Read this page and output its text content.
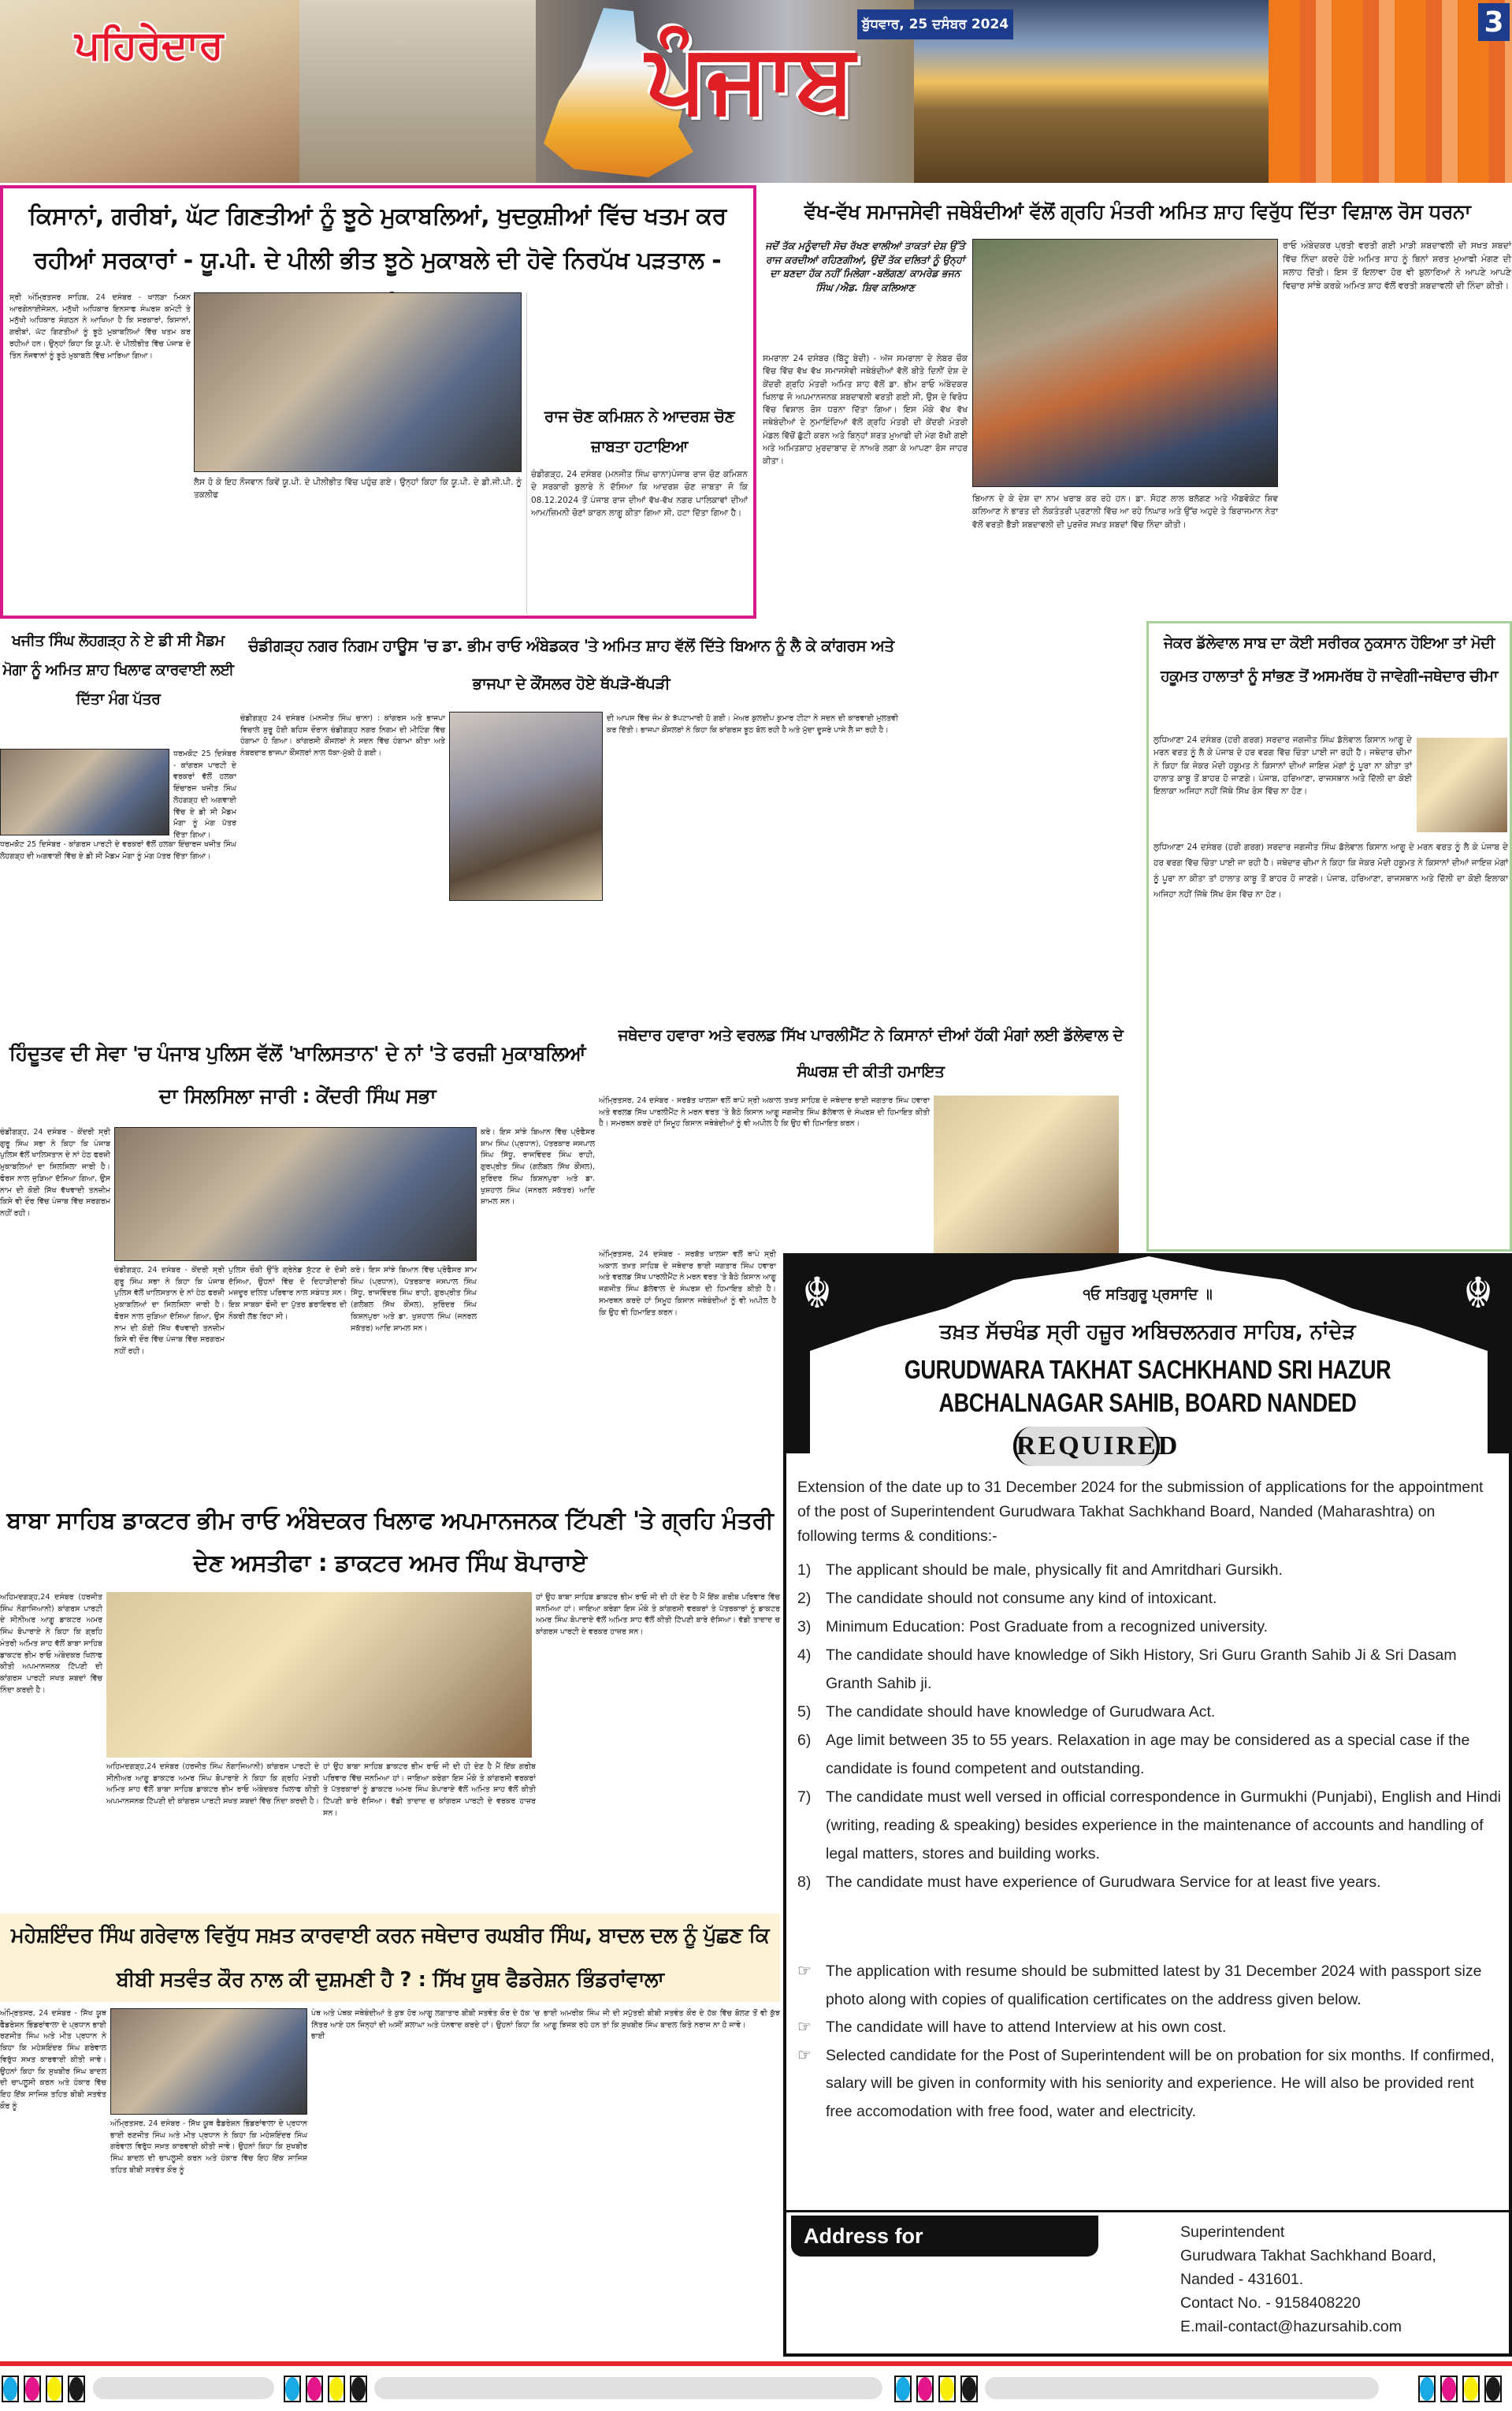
ਪਹਿਰੇਦਾਰ	ਪੰਜਾਬ ਬੁੱਧਵਾਰ, 25 ਦਸੰਬਰ 2024	3
ਕਿਸਾਨਾਂ, ਗਰੀਬਾਂ, ਘੱਟ ਗਿਣਤੀਆਂ ਨੂੰ ਝੂਠੇ ਮੁਕਾਬਲਿਆਂ, ਖੁਦਕੁਸ਼ੀਆਂ ਵਿੱਚ ਖਤਮ ਕਰ ਰਹੀਆਂ ਸਰਕਾਰਾਂ - ਯੂ.ਪੀ. ਦੇ ਪੀਲੀ ਭੀਤ ਝੂਠੇ ਮੁਕਾਬਲੇ ਦੀ ਹੋਵੇ ਨਿਰਪੱਖ ਪੜਤਾਲ -
ਸ੍ਰੀ ਅੰਮ੍ਰਿਤਸਰ ਸਾਹਿਬ, 24 ਦਸੰਬਰ - ਖਾਲੜਾ ਮਿਸ਼ਨ ਆਰਗੇਨਾਈਜੇਸ਼ਨ, ਮਨੁੱਖੀ ਅਧਿਕਾਰ ਇਨਸਾਫ ਸੰਘਰਸ਼ ਕਮੇਟੀ ਤੇ ਮਨੁੱਖੀ ਅਧਿਕਾਰ ਸੰਗਠਨ ਨੇ ਆਖਿਆ ਹੈ ਕਿ ਸਰਕਾਰਾਂ, ਕਿਸਾਨਾਂ, ਗਰੀਬਾਂ, ਘੱਟ ਗਿਣਤੀਆਂ ਨੂੰ ਝੂਠੇ ਮੁਕਾਬਲਿਆਂ ਵਿੱਚ ਖਤਮ ਕਰ ਰਹੀਆਂ ਹਨ। ਉਨ੍ਹਾਂ ਕਿਹਾ ਕਿ ਯੂ.ਪੀ. ਦੇ ਪੀਲੀਭੀਤ ਵਿੱਚ ਪੰਜਾਬ ਦੇ ਤਿੰਨ ਨੌਜਵਾਨਾਂ ਨੂੰ ਝੂਠੇ ਮੁਕਾਬਲੇ ਵਿੱਚ ਮਾਰਿਆ ਗਿਆ।
ਲੈਸ ਹੋ ਕੇ ਇਹ ਨੌਜਵਾਨ ਕਿਵੇਂ ਯੂ.ਪੀ. ਦੇ ਪੀਲੀਭੀਤ ਵਿੱਚ ਪਹੁੰਚ ਗਏ। ਉਨ੍ਹਾਂ ਕਿਹਾ ਕਿ ਯੂ.ਪੀ. ਦੇ ਡੀ.ਜੀ.ਪੀ. ਨੂੰ ਤਕਲੀਫ
ਰਾਜ ਚੋਣ ਕਮਿਸ਼ਨ ਨੇ ਆਦਰਸ਼ ਚੋਣ ਜ਼ਾਬਤਾ ਹਟਾਇਆ
ਚੰਡੀਗੜ੍ਹ, 24 ਦਸੰਬਰ (ਮਨਜੀਤ ਸਿੰਘ ਚਾਨਾ)ਪੰਜਾਬ ਰਾਜ ਚੋਣ ਕਮਿਸ਼ਨ ਦੇ ਸਰਕਾਰੀ ਬੁਲਾਰੇ ਨੇ ਦੱਸਿਆ ਕਿ ਆਦਰਸ਼ ਚੋਣ ਜ਼ਾਬਤਾ ਜੋ ਕਿ 08.12.2024 ਤੋਂ ਪੰਜਾਬ ਰਾਜ ਦੀਆਂ ਵੱਖ-ਵੱਖ ਨਗਰ ਪਾਲਿਕਾਵਾਂ ਦੀਆਂ ਆਮ/ਜ਼ਿਮਨੀ ਚੋਣਾਂ ਕਾਰਨ ਲਾਗੂ ਕੀਤਾ ਗਿਆ ਸੀ, ਹਟਾ ਦਿੱਤਾ ਗਿਆ ਹੈ।
ਵੱਖ-ਵੱਖ ਸਮਾਜਸੇਵੀ ਜਥੇਬੰਦੀਆਂ ਵੱਲੋਂ ਗ੍ਰਹਿ ਮੰਤਰੀ ਅਮਿਤ ਸ਼ਾਹ ਵਿਰੁੱਧ ਦਿੱਤਾ ਵਿਸ਼ਾਲ ਰੋਸ ਧਰਨਾ
ਜਦੋਂ ਤੱਕ ਮਨੂੰਵਾਦੀ ਸੋਚ ਰੱਖਣ ਵਾਲੀਆਂ ਤਾਕਤਾਂ ਦੇਸ਼ ਉੱਤੇ ਰਾਜ ਕਰਦੀਆਂ ਰਹਿਣਗੀਆਂ, ਉਦੋਂ ਤੱਕ ਦਲਿਤਾਂ ਨੂੰ ਉਨ੍ਹਾਂ ਦਾ ਬਣਦਾ ਹੱਕ ਨਹੀਂ ਮਿਲੇਗਾ -ਬਲੱਗਣ/ ਕਾਮਰੇਡ ਭਜਨ ਸਿੰਘ /ਐਡ. ਸ਼ਿਵ ਕਲਿਆਣ
ਸਮਰਾਲਾ 24 ਦਸੰਬਰ (ਬਿੱਟੂ ਬੇਦੀ) - ਅੱਜ ਸਮਰਾਲਾ ਦੇ ਲੇਬਰ ਚੌਕ ਵਿੱਚ ਵਿੱਚ ਵੱਖ ਵੱਖ ਸਮਾਜਸੇਵੀ ਜਥੇਬੰਦੀਆਂ ਵੱਲੋਂ ਬੀਤੇ ਦਿਨੀਂ ਦੇਸ਼ ਦੇ ਕੇਂਦਰੀ ਗ੍ਰਹਿ ਮੰਤਰੀ ਅਮਿਤ ਸ਼ਾਹ ਵੱਲੋਂ ਡਾ. ਭੀਮ ਰਾਓ ਅੰਬੇਦਕਰ ਖਿਲਾਫ ਜੋ ਅਪਮਾਨਜਨਕ ਸ਼ਬਦਾਵਲੀ ਵਰਤੀ ਗਈ ਸੀ, ਉਸ ਦੇ ਵਿਰੋਧ ਵਿੱਚ ਵਿਸ਼ਾਲ ਰੋਸ ਧਰਨਾ ਦਿੱਤਾ ਗਿਆ। ਇਸ ਮੌਕੇ ਵੱਖ ਵੱਖ ਜਥੇਬੰਦੀਆਂ ਦੇ ਨੁਮਾਇੰਦਿਆਂ ਵੱਲੋਂ ਗ੍ਰਹਿ ਮੰਤਰੀ ਦੀ ਕੇਂਦਰੀ ਮੰਤਰੀ ਮੰਡਲ ਵਿੱਚੋਂ ਛੁੱਟੀ ਕਰਨ ਅਤੇ ਬਿਨ੍ਹਾਂ ਸ਼ਰਤ ਮੁਆਫੀ ਦੀ ਮੰਗ ਰੱਖੀ ਗਈ ਅਤੇ ਅਮਿਤਸ਼ਾਹ ਮੁਰਦਾਬਾਦ ਦੇ ਨਾਅਰੇ ਲਗਾ ਕੇ ਆਪਣਾ ਰੋਸ ਜਾਹਰ ਕੀਤਾ।
ਬਿਆਨ ਦੇ ਕੇ ਦੇਸ਼ ਦਾ ਨਾਮ ਖਰਾਬ ਕਰ ਰਹੇ ਹਨ। ਡਾ. ਸੋਹਣ ਲਾਲ ਬਲੱਗਣ ਅਤੇ ਐਡਵੋਕੇਟ ਸ਼ਿਵ ਕਲਿਆਣ ਨੇ ਭਾਰਤ ਦੀ ਲੋਕਤੰਤਰੀ ਪ੍ਰਣਾਲੀ ਵਿੱਚ ਆ ਰਹੇ ਨਿਘਾਰ ਅਤੇ ਉੱਚ ਅਹੁਦੇ ਤੇ ਬਿਰਾਜਮਾਨ ਨੇਤਾ ਵੱਲੋਂ ਵਰਤੀ ਭੈੜੀ ਸ਼ਬਦਾਵਲੀ ਦੀ ਪੁਰਜ਼ੋਰ ਸਖਤ ਸ਼ਬਦਾਂ ਵਿੱਚ ਨਿੰਦਾ ਕੀਤੀ।
ਰਾਓ ਅੰਬੇਦਕਰ ਪ੍ਰਤੀ ਵਰਤੀ ਗਈ ਮਾੜੀ ਸ਼ਬਦਾਵਲੀ ਦੀ ਸਖਤ ਸ਼ਬਦਾਂ ਵਿੱਚ ਨਿੰਦਾ ਕਰਦੇ ਹੋਏ ਅਮਿਤ ਸ਼ਾਹ ਨੂੰ ਬਿਨਾਂ ਸ਼ਰਤ ਮੁਆਫੀ ਮੰਗਣ ਦੀ ਸਲਾਹ ਦਿੱਤੀ। ਇਸ ਤੋਂ ਇਲਾਵਾ ਹੋਰ ਵੀ ਬੁਲਾਰਿਆਂ ਨੇ ਆਪਣੇ ਆਪਣੇ ਵਿਚਾਰ ਸਾਂਝੇ ਕਰਕੇ ਅਮਿਤ ਸ਼ਾਹ ਵੱਲੋਂ ਵਰਤੀ ਸ਼ਬਦਾਵਲੀ ਦੀ ਨਿੰਦਾ ਕੀਤੀ।
ਖਜੀਤ ਸਿੰਘ ਲੋਹਗੜ੍ਹ ਨੇ ਏ ਡੀ ਸੀ ਮੈਡਮ ਮੋਗਾ ਨੂੰ ਅਮਿਤ ਸ਼ਾਹ ਖਿਲਾਫ ਕਾਰਵਾਈ ਲਈ ਦਿੱਤਾ ਮੰਗ ਪੱਤਰ
ਧਰਮਕੋਟ 25 ਦਿਸੰਬਰ - ਕਾਂਗਰਸ ਪਾਰਟੀ ਦੇ ਵਰਕਰਾਂ ਵੱਲੋਂ ਹਲਕਾ ਇੰਚਾਰਜ ਖਜੀਤ ਸਿੰਘ ਲੋਹਗੜ੍ਹ ਦੀ ਅਗਵਾਈ ਵਿੱਚ ਏ ਡੀ ਸੀ ਮੈਡਮ ਮੋਗਾ ਨੂੰ ਮੰਗ ਪੱਤਰ ਦਿੱਤਾ ਗਿਆ।
ਧਰਮਕੋਟ 25 ਦਿਸੰਬਰ - ਕਾਂਗਰਸ ਪਾਰਟੀ ਦੇ ਵਰਕਰਾਂ ਵੱਲੋਂ ਹਲਕਾ ਇੰਚਾਰਜ ਖਜੀਤ ਸਿੰਘ ਲੋਹਗੜ੍ਹ ਦੀ ਅਗਵਾਈ ਵਿੱਚ ਏ ਡੀ ਸੀ ਮੈਡਮ ਮੋਗਾ ਨੂੰ ਮੰਗ ਪੱਤਰ ਦਿੱਤਾ ਗਿਆ।
ਚੰਡੀਗੜ੍ਹ ਨਗਰ ਨਿਗਮ ਹਾਊਸ 'ਚ ਡਾ. ਭੀਮ ਰਾਓ ਅੰਬੇਡਕਰ 'ਤੇ ਅਮਿਤ ਸ਼ਾਹ ਵੱਲੋਂ ਦਿੱਤੇ ਬਿਆਨ ਨੂੰ ਲੈ ਕੇ ਕਾਂਗਰਸ ਅਤੇ ਭਾਜਪਾ ਦੇ ਕੌਂਸਲਰ ਹੋਏ ਥੱਪੜੋ-ਥੱਪੜੀ
ਚੰਡੀਗੜ੍ਹ 24 ਦਸੰਬਰ (ਮਨਜੀਤ ਸਿੰਘ ਚਾਨਾ) : ਕਾਂਗਰਸ ਅਤੇ ਭਾਜਪਾ ਵਿਚਾਲੇ ਸ਼ੁਰੂ ਹੋਈ ਬਹਿਸ ਦੌਰਾਨ ਚੰਡੀਗੜ੍ਹ ਨਗਰ ਨਿਗਮ ਦੀ ਮੀਟਿੰਗ ਵਿੱਚ ਹੰਗਾਮਾ ਹੋ ਗਿਆ। ਕਾਂਗਰਸੀ ਕੌਂਸਲਰਾਂ ਨੇ ਸਦਨ ਵਿੱਚ ਹੰਗਾਮਾ ਕੀਤਾ ਅਤੇ ਨੰਬਰਦਾਰ ਭਾਜਪਾ ਕੌਂਸਲਰਾਂ ਨਾਲ ਧੱਕਾ-ਮੁੱਕੀ ਹੋ ਗਈ।
ਦੀ ਆਪਸ ਵਿੱਚ ਜੰਮ ਕੇ ਝੱਪਟਾਮਾਰੀ ਹੋ ਗਈ। ਮੇਅਰ ਕੁਲਦੀਪ ਕੁਮਾਰ ਟੀਟਾ ਨੇ ਸਦਨ ਦੀ ਕਾਰਵਾਈ ਮੁਲਤਵੀ ਕਰ ਦਿੱਤੀ। ਭਾਜਪਾ ਕੌਂਸਲਰਾਂ ਨੇ ਕਿਹਾ ਕਿ ਕਾਂਗਰਸ ਝੂਠ ਬੋਲ ਰਹੀ ਹੈ ਅਤੇ ਮੁੱਦਾ ਦੂਸਰੇ ਪਾਸੇ ਲੈ ਜਾ ਰਹੀ ਹੈ।
ਜੇਕਰ ਡੱਲੇਵਾਲ ਸਾਬ ਦਾ ਕੋਈ ਸਰੀਰਕ ਨੁਕਸਾਨ ਹੋਇਆ ਤਾਂ ਮੋਦੀ ਹਕੂਮਤ ਹਾਲਾਤਾਂ ਨੂੰ ਸਾਂਭਣ ਤੋਂ ਅਸਮਰੱਥ ਹੋ ਜਾਵੇਗੀ-ਜਥੇਦਾਰ ਚੀਮਾ
ਲੁਧਿਆਣਾ 24 ਦਸੰਬਰ (ਹਰੀ ਗਰਗ) ਸਰਦਾਰ ਜਗਜੀਤ ਸਿੰਘ ਡੱਲੇਵਾਲ ਕਿਸਾਨ ਆਗੂ ਦੇ ਮਰਨ ਵਰਤ ਨੂੰ ਲੈ ਕੇ ਪੰਜਾਬ ਦੇ ਹਰ ਵਰਗ ਵਿੱਚ ਚਿੰਤਾ ਪਾਈ ਜਾ ਰਹੀ ਹੈ। ਜਥੇਦਾਰ ਚੀਮਾ ਨੇ ਕਿਹਾ ਕਿ ਜੇਕਰ ਮੋਦੀ ਹਕੂਮਤ ਨੇ ਕਿਸਾਨਾਂ ਦੀਆਂ ਜਾਇਜ਼ ਮੰਗਾਂ ਨੂੰ ਪੂਰਾ ਨਾ ਕੀਤਾ ਤਾਂ ਹਾਲਾਤ ਕਾਬੂ ਤੋਂ ਬਾਹਰ ਹੋ ਜਾਣਗੇ। ਪੰਜਾਬ, ਹਰਿਆਣਾ, ਰਾਜਸਥਾਨ ਅਤੇ ਦਿੱਲੀ ਦਾ ਕੋਈ ਇਲਾਕਾ ਅਜਿਹਾ ਨਹੀਂ ਜਿੱਥੇ ਸਿੱਖ ਰੋਸ ਵਿੱਚ ਨਾ ਹੋਣ।
ਲੁਧਿਆਣਾ 24 ਦਸੰਬਰ (ਹਰੀ ਗਰਗ) ਸਰਦਾਰ ਜਗਜੀਤ ਸਿੰਘ ਡੱਲੇਵਾਲ ਕਿਸਾਨ ਆਗੂ ਦੇ ਮਰਨ ਵਰਤ ਨੂੰ ਲੈ ਕੇ ਪੰਜਾਬ ਦੇ ਹਰ ਵਰਗ ਵਿੱਚ ਚਿੰਤਾ ਪਾਈ ਜਾ ਰਹੀ ਹੈ। ਜਥੇਦਾਰ ਚੀਮਾ ਨੇ ਕਿਹਾ ਕਿ ਜੇਕਰ ਮੋਦੀ ਹਕੂਮਤ ਨੇ ਕਿਸਾਨਾਂ ਦੀਆਂ ਜਾਇਜ਼ ਮੰਗਾਂ ਨੂੰ ਪੂਰਾ ਨਾ ਕੀਤਾ ਤਾਂ ਹਾਲਾਤ ਕਾਬੂ ਤੋਂ ਬਾਹਰ ਹੋ ਜਾਣਗੇ। ਪੰਜਾਬ, ਹਰਿਆਣਾ, ਰਾਜਸਥਾਨ ਅਤੇ ਦਿੱਲੀ ਦਾ ਕੋਈ ਇਲਾਕਾ ਅਜਿਹਾ ਨਹੀਂ ਜਿੱਥੇ ਸਿੱਖ ਰੋਸ ਵਿੱਚ ਨਾ ਹੋਣ।
ਹਿੰਦੂਤਵ ਦੀ ਸੇਵਾ 'ਚ ਪੰਜਾਬ ਪੁਲਿਸ ਵੱਲੋਂ 'ਖਾਲਿਸਤਾਨ' ਦੇ ਨਾਂ 'ਤੇ ਫਰਜ਼ੀ ਮੁਕਾਬਲਿਆਂ ਦਾ ਸਿਲਸਿਲਾ ਜਾਰੀ : ਕੇਂਦਰੀ ਸਿੰਘ ਸਭਾ
ਚੰਡੀਗੜ੍ਹ, 24 ਦਸੰਬਰ - ਕੇਂਦਰੀ ਸ੍ਰੀ ਗੁਰੂ ਸਿੰਘ ਸਭਾ ਨੇ ਕਿਹਾ ਕਿ ਪੰਜਾਬ ਪੁਲਿਸ ਵੱਲੋਂ ਖਾਲਿਸਤਾਨ ਦੇ ਨਾਂ ਹੇਠ ਫਰਜ਼ੀ ਮੁਕਾਬਲਿਆਂ ਦਾ ਸਿਲਸਿਲਾ ਜਾਰੀ ਹੈ। ਫੋਰਸ ਨਾਲ ਜੁੜਿਆ ਦੱਸਿਆ ਗਿਆ, ਉਸ ਨਾਮ ਦੀ ਕੋਈ ਸਿੱਖ ਵੱਖਵਾਦੀ ਤਨਜ਼ੀਮ ਕਿਸੇ ਵੀ ਦੌਰ ਵਿੱਚ ਪੰਜਾਬ ਵਿੱਚ ਸਰਗਰਮ ਨਹੀਂ ਰਹੀ।
ਕਰੇ। ਇਸ ਸਾਂਝੇ ਬਿਆਨ ਵਿੱਚ ਪ੍ਰੋਫੈਸਰ ਸ਼ਾਮ ਸਿੰਘ (ਪ੍ਰਧਾਨ), ਪੱਤਰਕਾਰ ਜਸਪਾਲ ਸਿੰਘ ਸਿੱਧੂ, ਰਾਜਵਿੰਦਰ ਸਿੰਘ ਰਾਹੀ, ਗੁਰਪ੍ਰੀਤ ਸਿੰਘ (ਗਲੋਬਲ ਸਿੱਖ ਕੌਂਸਲ), ਸੁਰਿੰਦਰ ਸਿੰਘ ਕਿਸ਼ਨਪੁਰਾ ਅਤੇ ਡਾ. ਖੁਸ਼ਹਾਲ ਸਿੰਘ (ਜਨਰਲ ਸਕੱਤਰ) ਆਦਿ ਸ਼ਾਮਲ ਸਨ।
ਚੰਡੀਗੜ੍ਹ, 24 ਦਸੰਬਰ - ਕੇਂਦਰੀ ਸ੍ਰੀ ਗੁਰੂ ਸਿੰਘ ਸਭਾ ਨੇ ਕਿਹਾ ਕਿ ਪੰਜਾਬ ਪੁਲਿਸ ਵੱਲੋਂ ਖਾਲਿਸਤਾਨ ਦੇ ਨਾਂ ਹੇਠ ਫਰਜ਼ੀ ਮੁਕਾਬਲਿਆਂ ਦਾ ਸਿਲਸਿਲਾ ਜਾਰੀ ਹੈ। ਫੋਰਸ ਨਾਲ ਜੁੜਿਆ ਦੱਸਿਆ ਗਿਆ, ਉਸ ਨਾਮ ਦੀ ਕੋਈ ਸਿੱਖ ਵੱਖਵਾਦੀ ਤਨਜ਼ੀਮ ਕਿਸੇ ਵੀ ਦੌਰ ਵਿੱਚ ਪੰਜਾਬ ਵਿੱਚ ਸਰਗਰਮ ਨਹੀਂ ਰਹੀ।
ਪੁਲਿਸ ਚੌਕੀ ਉੱਤੇ ਗ੍ਰੇਨੇਡ ਸੁੱਟਣ ਦੇ ਦੋਸ਼ੀ ਦੱਸਿਆ, ਉਹਨਾਂ ਵਿੱਚ ਦੋ ਦਿਹਾੜੀਦਾਰੀ ਮਜ਼ਦੂਰ ਦਲਿਤ ਪਰਿਵਾਰ ਨਾਲ ਸਬੰਧਤ ਸਨ। ਇਕ ਸਾਬਕਾ ਫੌਜੀ ਦਾ ਪੁੱਤਰ ਡਰਾਇਵਰ ਦੀ ਨੌਕਰੀ ਲੱਭ ਰਿਹਾ ਸੀ।
ਕਰੇ। ਇਸ ਸਾਂਝੇ ਬਿਆਨ ਵਿੱਚ ਪ੍ਰੋਫੈਸਰ ਸ਼ਾਮ ਸਿੰਘ (ਪ੍ਰਧਾਨ), ਪੱਤਰਕਾਰ ਜਸਪਾਲ ਸਿੰਘ ਸਿੱਧੂ, ਰਾਜਵਿੰਦਰ ਸਿੰਘ ਰਾਹੀ, ਗੁਰਪ੍ਰੀਤ ਸਿੰਘ (ਗਲੋਬਲ ਸਿੱਖ ਕੌਂਸਲ), ਸੁਰਿੰਦਰ ਸਿੰਘ ਕਿਸ਼ਨਪੁਰਾ ਅਤੇ ਡਾ. ਖੁਸ਼ਹਾਲ ਸਿੰਘ (ਜਨਰਲ ਸਕੱਤਰ) ਆਦਿ ਸ਼ਾਮਲ ਸਨ।
ਜਥੇਦਾਰ ਹਵਾਰਾ ਅਤੇ ਵਰਲਡ ਸਿੱਖ ਪਾਰਲੀਮੈਂਟ ਨੇ ਕਿਸਾਨਾਂ ਦੀਆਂ ਹੱਕੀ ਮੰਗਾਂ ਲਈ ਡੱਲੇਵਾਲ ਦੇ ਸੰਘਰਸ਼ ਦੀ ਕੀਤੀ ਹਮਾਇਤ
ਅੰਮ੍ਰਿਤਸਰ, 24 ਦਸੰਬਰ - ਸਰਬੱਤ ਖਾਲਸਾ ਵਲੋਂ ਥਾਪੇ ਸ੍ਰੀ ਅਕਾਲ ਤਖ਼ਤ ਸਾਹਿਬ ਦੇ ਜਥੇਦਾਰ ਭਾਈ ਜਗਤਾਰ ਸਿੰਘ ਹਵਾਰਾ ਅਤੇ ਵਰਲਡ ਸਿੱਖ ਪਾਰਲੀਮੈਂਟ ਨੇ ਮਰਨ ਵਰਤ 'ਤੇ ਬੈਠੇ ਕਿਸਾਨ ਆਗੂ ਜਗਜੀਤ ਸਿੰਘ ਡੱਲੇਵਾਲ ਦੇ ਸੰਘਰਸ਼ ਦੀ ਹਿਮਾਇਤ ਕੀਤੀ ਹੈ। ਸਮਰਥਨ ਕਰਦੇ ਹਾਂ ਸਿਮੂਹ ਕਿਸਾਨ ਜਥੇਬੰਦੀਆਂ ਨੂੰ ਵੀ ਅਪੀਲ ਹੈ ਕਿ ਉਹ ਵੀ ਹਿਮਾਇਤ ਕਰਨ।
ਅੰਮ੍ਰਿਤਸਰ, 24 ਦਸੰਬਰ - ਸਰਬੱਤ ਖਾਲਸਾ ਵਲੋਂ ਥਾਪੇ ਸ੍ਰੀ ਅਕਾਲ ਤਖ਼ਤ ਸਾਹਿਬ ਦੇ ਜਥੇਦਾਰ ਭਾਈ ਜਗਤਾਰ ਸਿੰਘ ਹਵਾਰਾ ਅਤੇ ਵਰਲਡ ਸਿੱਖ ਪਾਰਲੀਮੈਂਟ ਨੇ ਮਰਨ ਵਰਤ 'ਤੇ ਬੈਠੇ ਕਿਸਾਨ ਆਗੂ ਜਗਜੀਤ ਸਿੰਘ ਡੱਲੇਵਾਲ ਦੇ ਸੰਘਰਸ਼ ਦੀ ਹਿਮਾਇਤ ਕੀਤੀ ਹੈ। ਸਮਰਥਨ ਕਰਦੇ ਹਾਂ ਸਿਮੂਹ ਕਿਸਾਨ ਜਥੇਬੰਦੀਆਂ ਨੂੰ ਵੀ ਅਪੀਲ ਹੈ ਕਿ ਉਹ ਵੀ ਹਿਮਾਇਤ ਕਰਨ।
ਬਾਬਾ ਸਾਹਿਬ ਡਾਕਟਰ ਭੀਮ ਰਾਓ ਅੰਬੇਦਕਰ ਖਿਲਾਫ ਅਪਮਾਨਜਨਕ ਟਿੱਪਣੀ 'ਤੇ ਗ੍ਰਹਿ ਮੰਤਰੀ ਦੇਣ ਅਸਤੀਫਾ : ਡਾਕਟਰ ਅਮਰ ਸਿੰਘ ਬੋਪਾਰਾਏ
ਅਹਿਮਦਗੜ੍ਹ,24 ਦਸੰਬਰ (ਹਰਜੀਤ ਸਿੰਘ ਨੋਗਾਜਿਆਨੀ) ਕਾਂਗਰਸ ਪਾਰਟੀ ਦੇ ਸੀਨੀਅਰ ਆਗੂ ਡਾਕਟਰ ਅਮਰ ਸਿੰਘ ਬੋਪਾਰਾਏ ਨੇ ਕਿਹਾ ਕਿ ਗ੍ਰਹਿ ਮੰਤਰੀ ਅਮਿਤ ਸ਼ਾਹ ਵੱਲੋਂ ਬਾਬਾ ਸਾਹਿਬ ਡਾਕਟਰ ਭੀਮ ਰਾਓ ਅੰਬੇਦਕਰ ਖਿਲਾਫ ਕੀਤੀ ਅਪਮਾਨਜਨਕ ਟਿੱਪਣੀ ਦੀ ਕਾਂਗਰਸ ਪਾਰਟੀ ਸਖਤ ਸ਼ਬਦਾਂ ਵਿੱਚ ਨਿੰਦਾ ਕਰਦੀ ਹੈ।
ਹਾਂ ਉਹ ਬਾਬਾ ਸਾਹਿਬ ਡਾਕਟਰ ਭੀਮ ਰਾਓ ਜੀ ਦੀ ਹੀ ਦੇਣ ਹੈ ਮੈਂ ਇੱਕ ਗਰੀਬ ਪਰਿਵਾਰ ਵਿੱਚ ਜਨਮਿਆ ਹਾਂ। ਜਾਇਆ ਕਰੇਗਾ ਇਸ ਮੌਕੇ ਤੇ ਕਾਂਗਰਸੀ ਵਰਕਰਾਂ ਤੇ ਪੱਤਰਕਾਰਾਂ ਨੂੰ ਡਾਕਟਰ ਅਮਰ ਸਿੰਘ ਬੋਪਾਰਾਏ ਵੱਲੋਂ ਅਮਿਤ ਸ਼ਾਹ ਵੱਲੋਂ ਕੀਤੀ ਟਿੱਪਣੀ ਬਾਰੇ ਦੱਸਿਆ। ਵੱਡੀ ਤਾਦਾਦ ਚ ਕਾਂਗਰਸ ਪਾਰਟੀ ਦੇ ਵਰਕਰ ਹਾਜ਼ਰ ਸਨ।
ਅਹਿਮਦਗੜ੍ਹ,24 ਦਸੰਬਰ (ਹਰਜੀਤ ਸਿੰਘ ਨੋਗਾਜਿਆਨੀ) ਕਾਂਗਰਸ ਪਾਰਟੀ ਦੇ ਸੀਨੀਅਰ ਆਗੂ ਡਾਕਟਰ ਅਮਰ ਸਿੰਘ ਬੋਪਾਰਾਏ ਨੇ ਕਿਹਾ ਕਿ ਗ੍ਰਹਿ ਮੰਤਰੀ ਅਮਿਤ ਸ਼ਾਹ ਵੱਲੋਂ ਬਾਬਾ ਸਾਹਿਬ ਡਾਕਟਰ ਭੀਮ ਰਾਓ ਅੰਬੇਦਕਰ ਖਿਲਾਫ ਕੀਤੀ ਅਪਮਾਨਜਨਕ ਟਿੱਪਣੀ ਦੀ ਕਾਂਗਰਸ ਪਾਰਟੀ ਸਖਤ ਸ਼ਬਦਾਂ ਵਿੱਚ ਨਿੰਦਾ ਕਰਦੀ ਹੈ।
ਹਾਂ ਉਹ ਬਾਬਾ ਸਾਹਿਬ ਡਾਕਟਰ ਭੀਮ ਰਾਓ ਜੀ ਦੀ ਹੀ ਦੇਣ ਹੈ ਮੈਂ ਇੱਕ ਗਰੀਬ ਪਰਿਵਾਰ ਵਿੱਚ ਜਨਮਿਆ ਹਾਂ। ਜਾਇਆ ਕਰੇਗਾ ਇਸ ਮੌਕੇ ਤੇ ਕਾਂਗਰਸੀ ਵਰਕਰਾਂ ਤੇ ਪੱਤਰਕਾਰਾਂ ਨੂੰ ਡਾਕਟਰ ਅਮਰ ਸਿੰਘ ਬੋਪਾਰਾਏ ਵੱਲੋਂ ਅਮਿਤ ਸ਼ਾਹ ਵੱਲੋਂ ਕੀਤੀ ਟਿੱਪਣੀ ਬਾਰੇ ਦੱਸਿਆ। ਵੱਡੀ ਤਾਦਾਦ ਚ ਕਾਂਗਰਸ ਪਾਰਟੀ ਦੇ ਵਰਕਰ ਹਾਜ਼ਰ ਸਨ।
ਮਹੇਸ਼ਇੰਦਰ ਸਿੰਘ ਗਰੇਵਾਲ ਵਿਰੁੱਧ ਸਖ਼ਤ ਕਾਰਵਾਈ ਕਰਨ ਜਥੇਦਾਰ ਰਘਬੀਰ ਸਿੰਘ, ਬਾਦਲ ਦਲ ਨੂੰ ਪੁੱਛਣ ਕਿ ਬੀਬੀ ਸਤਵੰਤ ਕੌਰ ਨਾਲ ਕੀ ਦੁਸ਼ਮਣੀ ਹੈ ? : ਸਿੱਖ ਯੂਥ ਫੈਡਰੇਸ਼ਨ ਭਿੰਡਰਾਂਵਾਲਾ
ਅੰਮ੍ਰਿਤਸਰ, 24 ਦਸੰਬਰ - ਸਿੱਖ ਯੂਥ ਫੈਡਰੇਸ਼ਨ ਭਿੰਡਰਾਂਵਾਲਾ ਦੇ ਪ੍ਰਧਾਨ ਭਾਈ ਰਣਜੀਤ ਸਿੰਘ ਅਤੇ ਮੀਤ ਪ੍ਰਧਾਨ ਨੇ ਕਿਹਾ ਕਿ ਮਹੇਸ਼ਇੰਦਰ ਸਿੰਘ ਗਰੇਵਾਲ ਵਿਰੁੱਧ ਸਖ਼ਤ ਕਾਰਵਾਈ ਕੀਤੀ ਜਾਵੇ। ਉਹਨਾਂ ਕਿਹਾ ਕਿ ਸੁਖਬੀਰ ਸਿੰਘ ਬਾਦਲ ਦੀ ਚਾਪਲੂਸੀ ਕਰਨ ਅਤੇ ਹੰਕਾਰ ਵਿੱਚ ਇਹ ਇੱਕ ਸਾਜਿਸ਼ ਤਹਿਤ ਬੀਬੀ ਸਤਵੰਤ ਕੌਰ ਨੂੰ
ਅੰਮ੍ਰਿਤਸਰ, 24 ਦਸੰਬਰ - ਸਿੱਖ ਯੂਥ ਫੈਡਰੇਸ਼ਨ ਭਿੰਡਰਾਂਵਾਲਾ ਦੇ ਪ੍ਰਧਾਨ ਭਾਈ ਰਣਜੀਤ ਸਿੰਘ ਅਤੇ ਮੀਤ ਪ੍ਰਧਾਨ ਨੇ ਕਿਹਾ ਕਿ ਮਹੇਸ਼ਇੰਦਰ ਸਿੰਘ ਗਰੇਵਾਲ ਵਿਰੁੱਧ ਸਖ਼ਤ ਕਾਰਵਾਈ ਕੀਤੀ ਜਾਵੇ। ਉਹਨਾਂ ਕਿਹਾ ਕਿ ਸੁਖਬੀਰ ਸਿੰਘ ਬਾਦਲ ਦੀ ਚਾਪਲੂਸੀ ਕਰਨ ਅਤੇ ਹੰਕਾਰ ਵਿੱਚ ਇਹ ਇੱਕ ਸਾਜਿਸ਼ ਤਹਿਤ ਬੀਬੀ ਸਤਵੰਤ ਕੌਰ ਨੂੰ
ਪੰਥ ਅਤੇ ਪੰਥਕ ਜਥੇਬੰਦੀਆਂ ਤੇ ਕੁਝ ਹੋਰ ਆਗੂ ਲਗਾਤਾਰ ਬੀਬੀ ਸਤਵੰਤ ਕੌਰ ਦੇ ਹੱਕ 'ਚ ਨਿੱਤਰ ਆਏ ਹਨ ਜਿਨ੍ਹਾਂ ਦੀ ਅਸੀਂ ਸ਼ਲਾਘਾ ਅਤੇ ਧੰਨਵਾਦ ਕਰਦੇ ਹਾਂ। ਉਹਨਾਂ ਕਿਹਾ ਕਿ ਭਾਈ
ਭਾਈ ਅਮਰੀਕ ਸਿੰਘ ਜੀ ਦੀ ਸਪੁੱਤਰੀ ਬੀਬੀ ਸਤਵੰਤ ਕੌਰ ਦੇ ਹੱਕ ਵਿੱਚ ਬੋਲਣ ਤੋਂ ਵੀ ਕੁੱਝ ਆਗੂ ਝਿਜਕ ਰਹੇ ਹਨ ਤਾਂ ਕਿ ਸੁਖਬੀਰ ਸਿੰਘ ਬਾਦਲ ਕਿਤੇ ਨਰਾਜ ਨਾ ਹੋ ਜਾਵੇ।
☬	☬
੧ਓ ਸਤਿਗੁਰੂ ਪ੍ਰਸਾਦਿ ॥
ਤਖ਼ਤ ਸੱਚਖੰਡ ਸ੍ਰੀ ਹਜ਼ੂਰ ਅਬਿਚਲਨਗਰ ਸਾਹਿਬ, ਨਾਂਦੇੜ
GURUDWARA TAKHAT SACHKHAND SRI HAZUR
ABCHALNAGAR SAHIB, BOARD NANDED
REQUIRED
Extension of the date up to 31 December 2024 for the submission of applications for the appointment of the post of Superintendent Gurudwara Takhat Sachkhand Board, Nanded (Maharashtra) on following terms & conditions:-
1) The applicant should be male, physically fit and Amritdhari Gursikh.
2) The candidate should not consume any kind of intoxicant.
3) Minimum Education: Post Graduate from a recognized university.
4) The candidate should have knowledge of Sikh History, Sri Guru Granth Sahib Ji & Sri Dasam Granth Sahib ji.
5) The candidate should have knowledge of Gurudwara Act.
6) Age limit between 35 to 55 years. Relaxation in age may be considered as a special case if the candidate is found competent and outstanding.
7) The candidate must well versed in official correspondence in Gurmukhi (Punjabi), English and Hindi (writing, reading & speaking) besides experience in the maintenance of accounts and handling of legal matters, stores and building works.
8) The candidate must have experience of Gurudwara Service for at least five years.
☞ The application with resume should be submitted latest by 31 December 2024 with passport size photo along with copies of qualification certificates on the address given below.
☞ The candidate will have to attend Interview at his own cost.
☞ Selected candidate for the Post of Superintendent will be on probation for six months. If confirmed, salary will be given in conformity with his seniority and experience. He will also be provided rent free accomodation with free food, water and electricity.
Address for Correspodence:-
Superintendent
Gurudwara Takhat Sachkhand Board,
Nanded - 431601.
Contact No. - 9158408220
E.mail-contact@hazursahib.com
